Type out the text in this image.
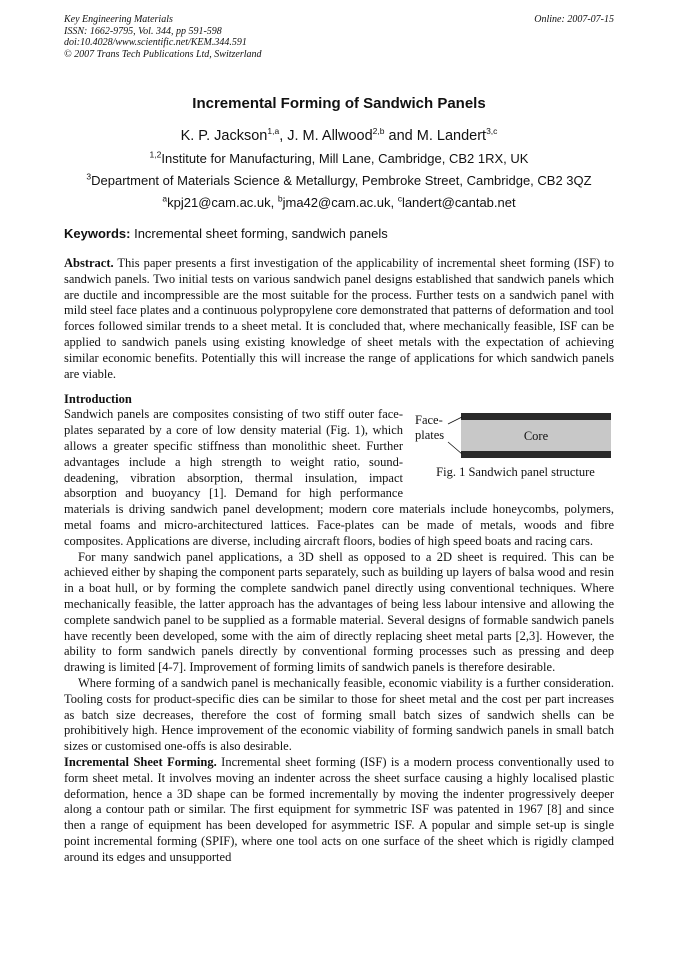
Key Engineering Materials
ISSN: 1662-9795, Vol. 344, pp 591-598
doi:10.4028/www.scientific.net/KEM.344.591
© 2007 Trans Tech Publications Ltd, Switzerland
Online: 2007-07-15
Incremental Forming of Sandwich Panels
K. P. Jackson$^{1,a}$, J. M. Allwood$^{2,b}$ and M. Landert$^{3,c}$
$^{1,2}$Institute for Manufacturing, Mill Lane, Cambridge, CB2 1RX, UK
$^3$Department of Materials Science & Metallurgy, Pembroke Street, Cambridge, CB2 3QZ
$^a$kpj21@cam.ac.uk, $^b$jma42@cam.ac.uk, $^c$landert@cantab.net
Keywords: Incremental sheet forming, sandwich panels

Abstract. This paper presents a first investigation of the applicability of incremental sheet forming (ISF) to sandwich panels. Two initial tests on various sandwich panel designs established that sandwich panels which are ductile and incompressible are the most suitable for the process. Further tests on a sandwich panel with mild steel face plates and a continuous polypropylene core demonstrated that patterns of deformation and tool forces followed similar trends to a sheet metal. It is concluded that, where mechanically feasible, ISF can be applied to sandwich panels using existing knowledge of sheet metals with the expectation of achieving similar economic benefits. Potentially this will increase the range of applications for which sandwich panels are viable.

Introduction
Core
Face-
plates
Fig. 1 Sandwich panel structure

Sandwich panels are composites consisting of two stiff outer face-plates separated by a core of low density material (Fig. 1), which allows a greater specific stiffness than monolithic sheet. Further advantages include a high strength to weight ratio, sound-deadening, vibration absorption, thermal insulation, impact absorption and buoyancy [1]. Demand for high performance materials is driving sandwich panel development; modern core materials include honeycombs, polymers, metal foams and micro-architectured lattices. Face-plates can be made of metals, woods and fibre composites. Applications are diverse, including aircraft floors, bodies of high speed boats and racing cars.

For many sandwich panel applications, a 3D shell as opposed to a 2D sheet is required. This can be achieved either by shaping the component parts separately, such as building up layers of balsa wood and resin in a boat hull, or by forming the complete sandwich panel directly using conventional techniques. Where mechanically feasible, the latter approach has the advantages of being less labour intensive and allowing the complete sandwich panel to be supplied as a formable material. Several designs of formable sandwich panels have recently been developed, some with the aim of directly replacing sheet metal parts [2,3]. However, the ability to form sandwich panels directly by conventional forming processes such as pressing and deep drawing is limited [4-7]. Improvement of forming limits of sandwich panels is therefore desirable.

Where forming of a sandwich panel is mechanically feasible, economic viability is a further consideration. Tooling costs for product-specific dies can be similar to those for sheet metal and the cost per part increases as batch size decreases, therefore the cost of forming small batch sizes of sandwich shells can be prohibitively high. Hence improvement of the economic viability of forming sandwich panels in small batch sizes or customised one-offs is also desirable.

Incremental Sheet Forming. Incremental sheet forming (ISF) is a modern process conventionally used to form sheet metal. It involves moving an indenter across the sheet surface causing a highly localised plastic deformation, hence a 3D shape can be formed incrementally by moving the indenter progressively deeper along a contour path or similar. The first equipment for symmetric ISF was patented in 1967 [8] and since then a range of equipment has been developed for asymmetric ISF. A popular and simple set-up is single point incremental forming (SPIF), where one tool acts on one surface of the sheet which is rigidly clamped around its edges and unsupported
